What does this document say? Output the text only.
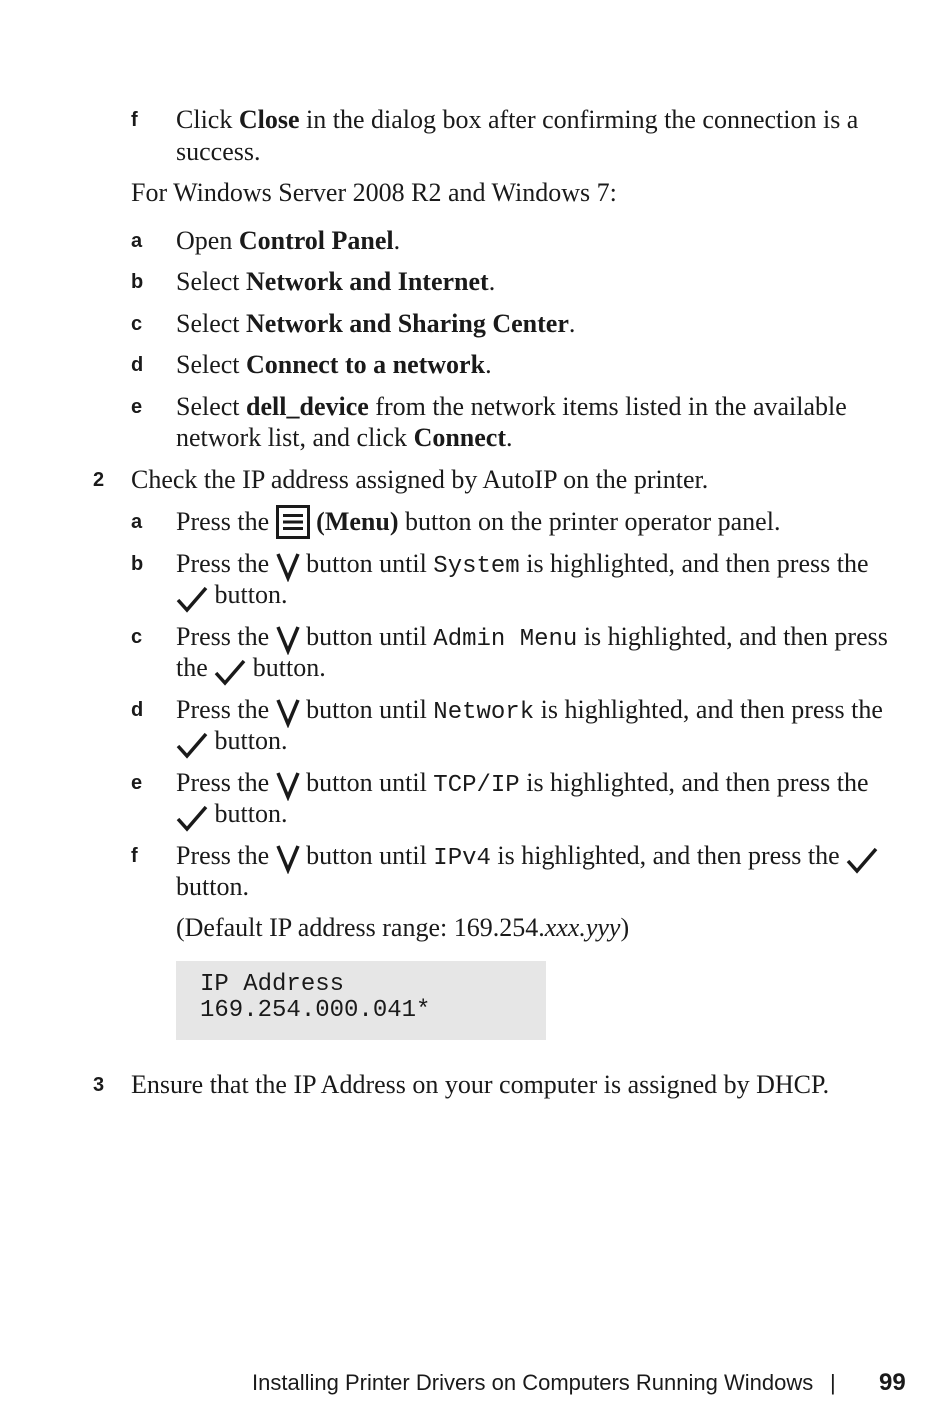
f Click Close in the dialog box after confirming the connection is a
success.
For Windows Server 2008 R2 and Windows 7:
a Open Control Panel.
b Select Network and Internet.
c Select Network and Sharing Center.
d Select Connect to a network.
e Select dell_device from the network items listed in the available
network list, and click Connect.
2 Check the IP address assigned by AutoIP on the printer.
a Press the (Menu) button on the printer operator panel.
b Press the button until System is highlighted, and then press the
button.
c Press the button until Admin Menu is highlighted, and then press
the button.
d Press the button until Network is highlighted, and then press the
button.
e Press the button until TCP/IP is highlighted, and then press the
button.
f Press the button until IPv4 is highlighted, and then press the
button.
(Default IP address range: 169.254.xxx.yyy)
IP Address
169.254.000.041*
3 Ensure that the IP Address on your computer is assigned by DHCP.
Installing Printer Drivers on Computers Running Windows | 99
